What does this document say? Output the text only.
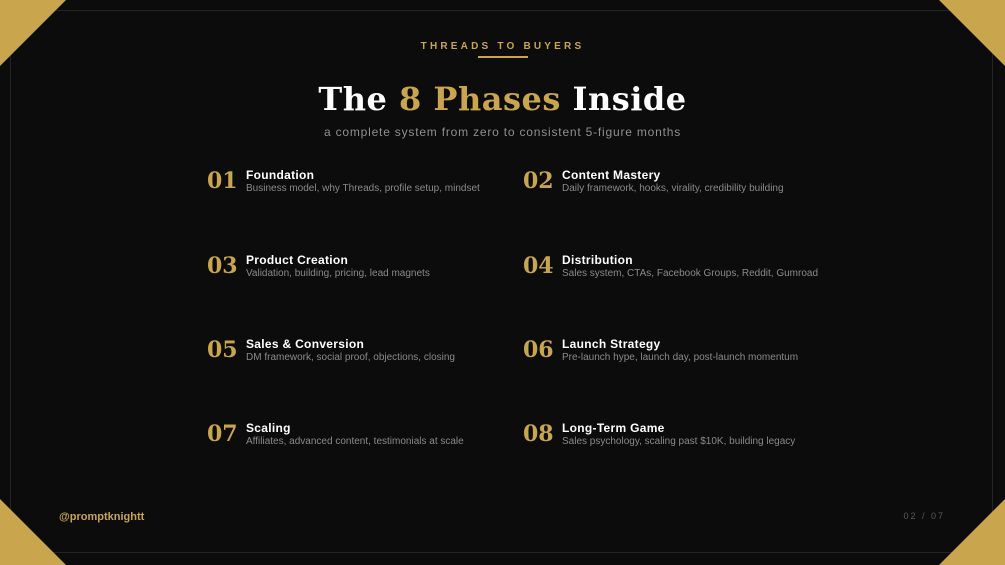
THREADS TO BUYERS
The 8 Phases Inside
a complete system from zero to consistent 5-figure months
01 Foundation
Business model, why Threads, profile setup, mindset 02 Content Mastery
Daily framework, hooks, virality, credibility building
03 Product Creation
Validation, building, pricing, lead magnets	04 Distribution
Sales system, CTAs, Facebook Groups, Reddit, Gumroad
05 Sales & Conversion
DM framework, social proof, objections, closing	06 Launch Strategy
Pre-launch hype, launch day, post-launch momentum
07 Scaling
Affiliates, advanced content, testimonials at scale	08 Long-Term Game
Sales psychology, scaling past $10K, building legacy
@promptknightt	02 / 07
